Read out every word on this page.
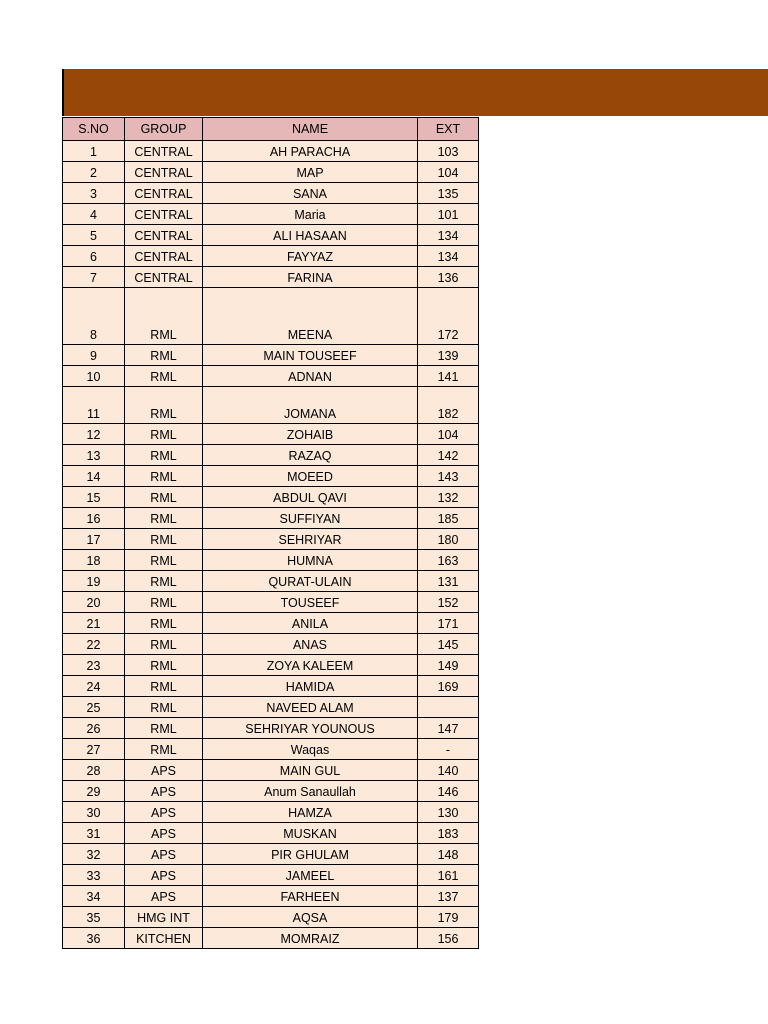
S.NO	GROUP	NAME	EXT
1	CENTRAL	AH PARACHA	103
2	CENTRAL	MAP	104
3	CENTRAL	SANA	135
4	CENTRAL	Maria	101
5	CENTRAL	ALI HASAAN	134
6	CENTRAL	FAYYAZ	134
7	CENTRAL	FARINA	136
8	RML	MEENA	172
9	RML	MAIN TOUSEEF	139
10	RML	ADNAN	141
11	RML	JOMANA	182
12	RML	ZOHAIB	104
13	RML	RAZAQ	142
14	RML	MOEED	143
15	RML	ABDUL QAVI	132
16	RML	SUFFIYAN	185
17	RML	SEHRIYAR	180
18	RML	HUMNA	163
19	RML	QURAT-ULAIN	131
20	RML	TOUSEEF	152
21	RML	ANILA	171
22	RML	ANAS	145
23	RML	ZOYA KALEEM	149
24	RML	HAMIDA	169
25	RML	NAVEED ALAM	
26	RML	SEHRIYAR YOUNOUS	147
27	RML	Waqas	-
28	APS	MAIN GUL	140
29	APS	Anum Sanaullah	146
30	APS	HAMZA	130
31	APS	MUSKAN	183
32	APS	PIR GHULAM	148
33	APS	JAMEEL	161
34	APS	FARHEEN	137
35	HMG INT	AQSA	179
36	KITCHEN	MOMRAIZ	156
